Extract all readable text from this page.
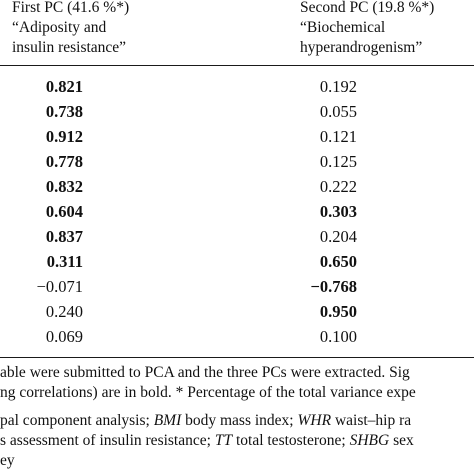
First PC (41.6 %*)
“Adiposity and
insulin resistance”
Second PC (19.8 %*)
“Biochemical
hyperandrogenism”
0.821	0.192
0.738	0.055
0.912	0.121
0.778	0.125
0.832	0.222
0.604	0.303
0.837	0.204
0.311	0.650
−0.071	−0.768
0.240	0.950
0.069	0.100
able were submitted to PCA and the three PCs were extracted. Sig
ng correlations) are in bold. * Percentage of the total variance expe
pal component analysis; BMI body mass index; WHR waist–hip ra
s assessment of insulin resistance; TT total testosterone; SHBG sex
ey
